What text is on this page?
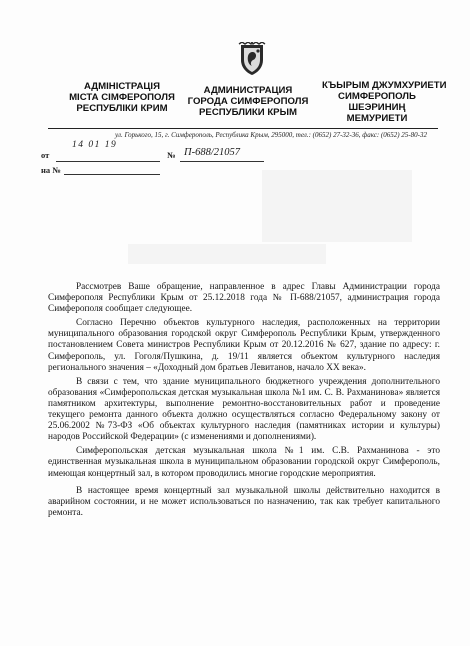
АДМІНІСТРАЦІЯ
МІСТА СІМФЕРОПОЛЯ
РЕСПУБЛІКИ КРИМ
АДМИНИСТРАЦИЯ
ГОРОДА СИМФЕРОПОЛЯ
РЕСПУБЛИКИ КРЫМ
КЪЫРЫМ ДЖУМХУРИЕТИ
СИМФЕРОПОЛЬ
ШЕЭРИНИҢ
МЕМУРИЕТИ
ул. Горького, 15, г. Симферополь, Республика Крым, 295000, тел.: (0652) 27-32-36, факс: (0652) 25-80-32
от
14 01 19
№ П-688/21057
на №

Рассмотрев Ваше обращение, направленное в адрес Главы Администрации города Симферополя Республики Крым от 25.12.2018 года № П-688/21057, администрация города Симферополя сообщает следующее.

Согласно Перечню объектов культурного наследия, расположенных на территории муниципального образования городской округ Симферополь Республики Крым, утвержденного постановлением Совета министров Республики Крым от 20.12.2016 № 627, здание по адресу: г. Симферополь, ул. Гоголя/Пушкина, д. 19/11 является объектом культурного наследия регионального значения – «Доходный дом братьев Левитанов, начало XX века».

В связи с тем, что здание муниципального бюджетного учреждения дополнительного образования «Симферопольская детская музыкальная школа №1 им. С. В. Рахманинова» является памятником архитектуры, выполнение ремонтно-восстановительных работ и проведение текущего ремонта данного объекта должно осуществляться согласно Федеральному закону от 25.06.2002 №73-ФЗ «Об объектах культурного наследия (памятниках истории и культуры) народов Российской Федерации» (с изменениями и дополнениями).

Симферопольская детская музыкальная школа №1 им. С.В. Рахманинова - это единственная музыкальная школа в муниципальном образовании городской округ Симферополь, имеющая концертный зал, в котором проводились многие городские мероприятия.

В настоящее время концертный зал музыкальной школы действительно находится в аварийном состоянии, и не может использоваться по назначению, так как требует капитального ремонта.
